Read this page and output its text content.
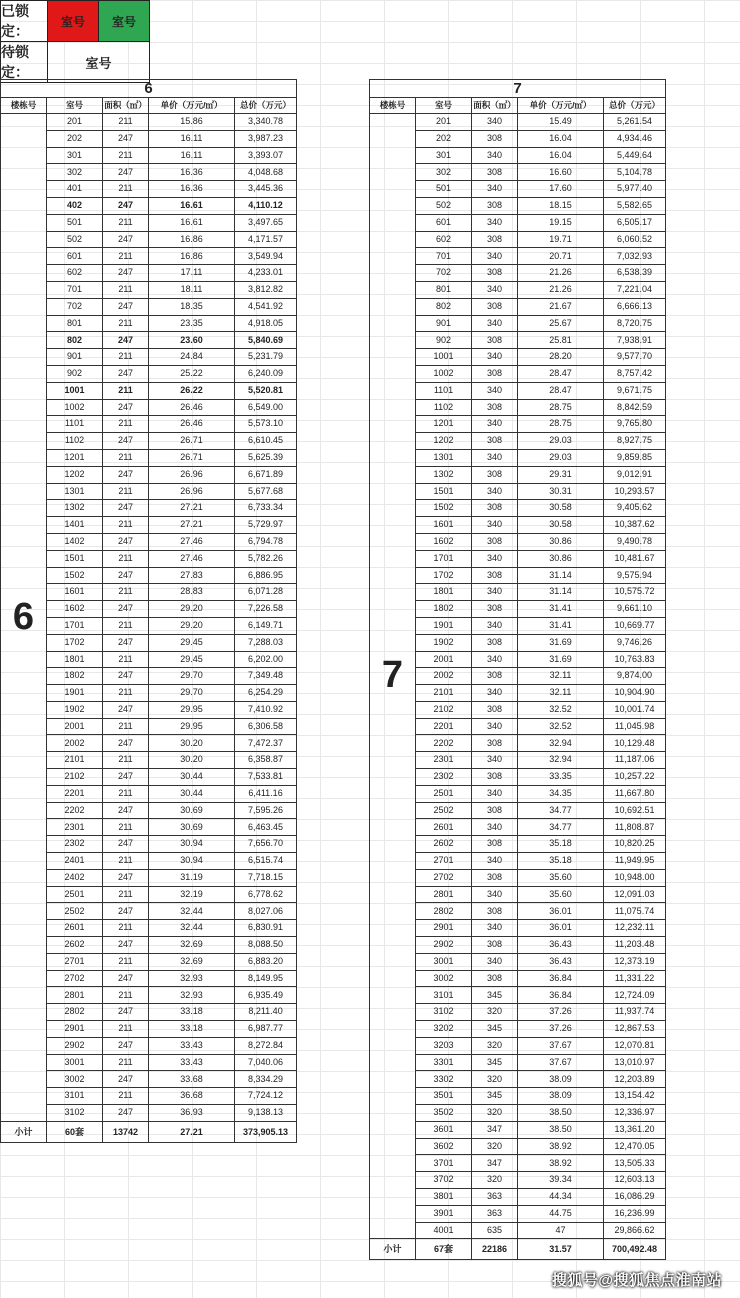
已锁定：	室号	室号
待锁定：	室号	
6				
楼栋号	室号	面积（㎡）	单价（万元/㎡）	总价（万元）
6	201	211	15.86	3,340.78
	202	247	16.11	3,987.23
	301	211	16.11	3,393.07
	302	247	16.36	4,048.68
	401	211	16.36	3,445.36
	402	247	16.61	4,110.12
	501	211	16.61	3,497.65
	502	247	16.86	4,171.57
	601	211	16.86	3,549.94
	602	247	17.11	4,233.01
	701	211	18.11	3,812.82
	702	247	18.35	4,541.92
	801	211	23.35	4,918.05
	802	247	23.60	5,840.69
	901	211	24.84	5,231.79
	902	247	25.22	6,240.09
	1001	211	26.22	5,520.81
	1002	247	26.46	6,549.00
	1101	211	26.46	5,573.10
	1102	247	26.71	6,610.45
	1201	211	26.71	5,625.39
	1202	247	26.96	6,671.89
	1301	211	26.96	5,677.68
	1302	247	27.21	6,733.34
	1401	211	27.21	5,729.97
	1402	247	27.46	6,794.78
	1501	211	27.46	5,782.26
	1502	247	27.83	6,886.95
	1601	211	28.83	6,071.28
	1602	247	29.20	7,226.58
	1701	211	29.20	6,149.71
	1702	247	29.45	7,288.03
	1801	211	29.45	6,202.00
	1802	247	29.70	7,349.48
	1901	211	29.70	6,254.29
	1902	247	29.95	7,410.92
	2001	211	29.95	6,306.58
	2002	247	30.20	7,472.37
	2101	211	30.20	6,358.87
	2102	247	30.44	7,533.81
	2201	211	30.44	6,411.16
	2202	247	30.69	7,595.26
	2301	211	30.69	6,463.45
	2302	247	30.94	7,656.70
	2401	211	30.94	6,515.74
	2402	247	31.19	7,718.15
	2501	211	32.19	6,778.62
	2502	247	32.44	8,027.06
	2601	211	32.44	6,830.91
	2602	247	32.69	8,088.50
	2701	211	32.69	6,883.20
	2702	247	32.93	8,149.95
	2801	211	32.93	6,935.49
	2802	247	33.18	8,211.40
	2901	211	33.18	6,987.77
	2902	247	33.43	8,272.84
	3001	211	33.43	7,040.06
	3002	247	33.68	8,334.29
	3101	211	36.68	7,724.12
	3102	247	36.93	9,138.13
小计	60套	13742	27.21	373,905.13
7				
楼栋号	室号	面积（㎡）	单价（万元/㎡）	总价（万元）
7	201	340	15.49	5,261.54
	202	308	16.04	4,934.46
	301	340	16.04	5,449.64
	302	308	16.60	5,104.78
	501	340	17.60	5,977.40
	502	308	18.15	5,582.65
	601	340	19.15	6,505.17
	602	308	19.71	6,060.52
	701	340	20.71	7,032.93
	702	308	21.26	6,538.39
	801	340	21.26	7,221.04
	802	308	21.67	6,666.13
	901	340	25.67	8,720.75
	902	308	25.81	7,938.91
	1001	340	28.20	9,577.70
	1002	308	28.47	8,757.42
	1101	340	28.47	9,671.75
	1102	308	28.75	8,842.59
	1201	340	28.75	9,765.80
	1202	308	29.03	8,927.75
	1301	340	29.03	9,859.85
	1302	308	29.31	9,012.91
	1501	340	30.31	10,293.57
	1502	308	30.58	9,405.62
	1601	340	30.58	10,387.62
	1602	308	30.86	9,490.78
	1701	340	30.86	10,481.67
	1702	308	31.14	9,575.94
	1801	340	31.14	10,575.72
	1802	308	31.41	9,661.10
	1901	340	31.41	10,669.77
	1902	308	31.69	9,746.26
	2001	340	31.69	10,763.83
	2002	308	32.11	9,874.00
	2101	340	32.11	10,904.90
	2102	308	32.52	10,001.74
	2201	340	32.52	11,045.98
	2202	308	32.94	10,129.48
	2301	340	32.94	11,187.06
	2302	308	33.35	10,257.22
	2501	340	34.35	11,667.80
	2502	308	34.77	10,692.51
	2601	340	34.77	11,808.87
	2602	308	35.18	10,820.25
	2701	340	35.18	11,949.95
	2702	308	35.60	10,948.00
	2801	340	35.60	12,091.03
	2802	308	36.01	11,075.74
	2901	340	36.01	12,232.11
	2902	308	36.43	11,203.48
	3001	340	36.43	12,373.19
	3002	308	36.84	11,331.22
	3101	345	36.84	12,724.09
	3102	320	37.26	11,937.74
	3202	345	37.26	12,867.53
	3203	320	37.67	12,070.81
	3301	345	37.67	13,010.97
	3302	320	38.09	12,203.89
	3501	345	38.09	13,154.42
	3502	320	38.50	12,336.97
	3601	347	38.50	13,361.20
	3602	320	38.92	12,470.05
	3701	347	38.92	13,505.33
	3702	320	39.34	12,603.13
	3801	363	44.34	16,086.29
	3901	363	44.75	16,236.99
	4001	635	47	29,866.62
小计	67套	22186	31.57	700,492.48
搜狐号@搜狐焦点淮南站
